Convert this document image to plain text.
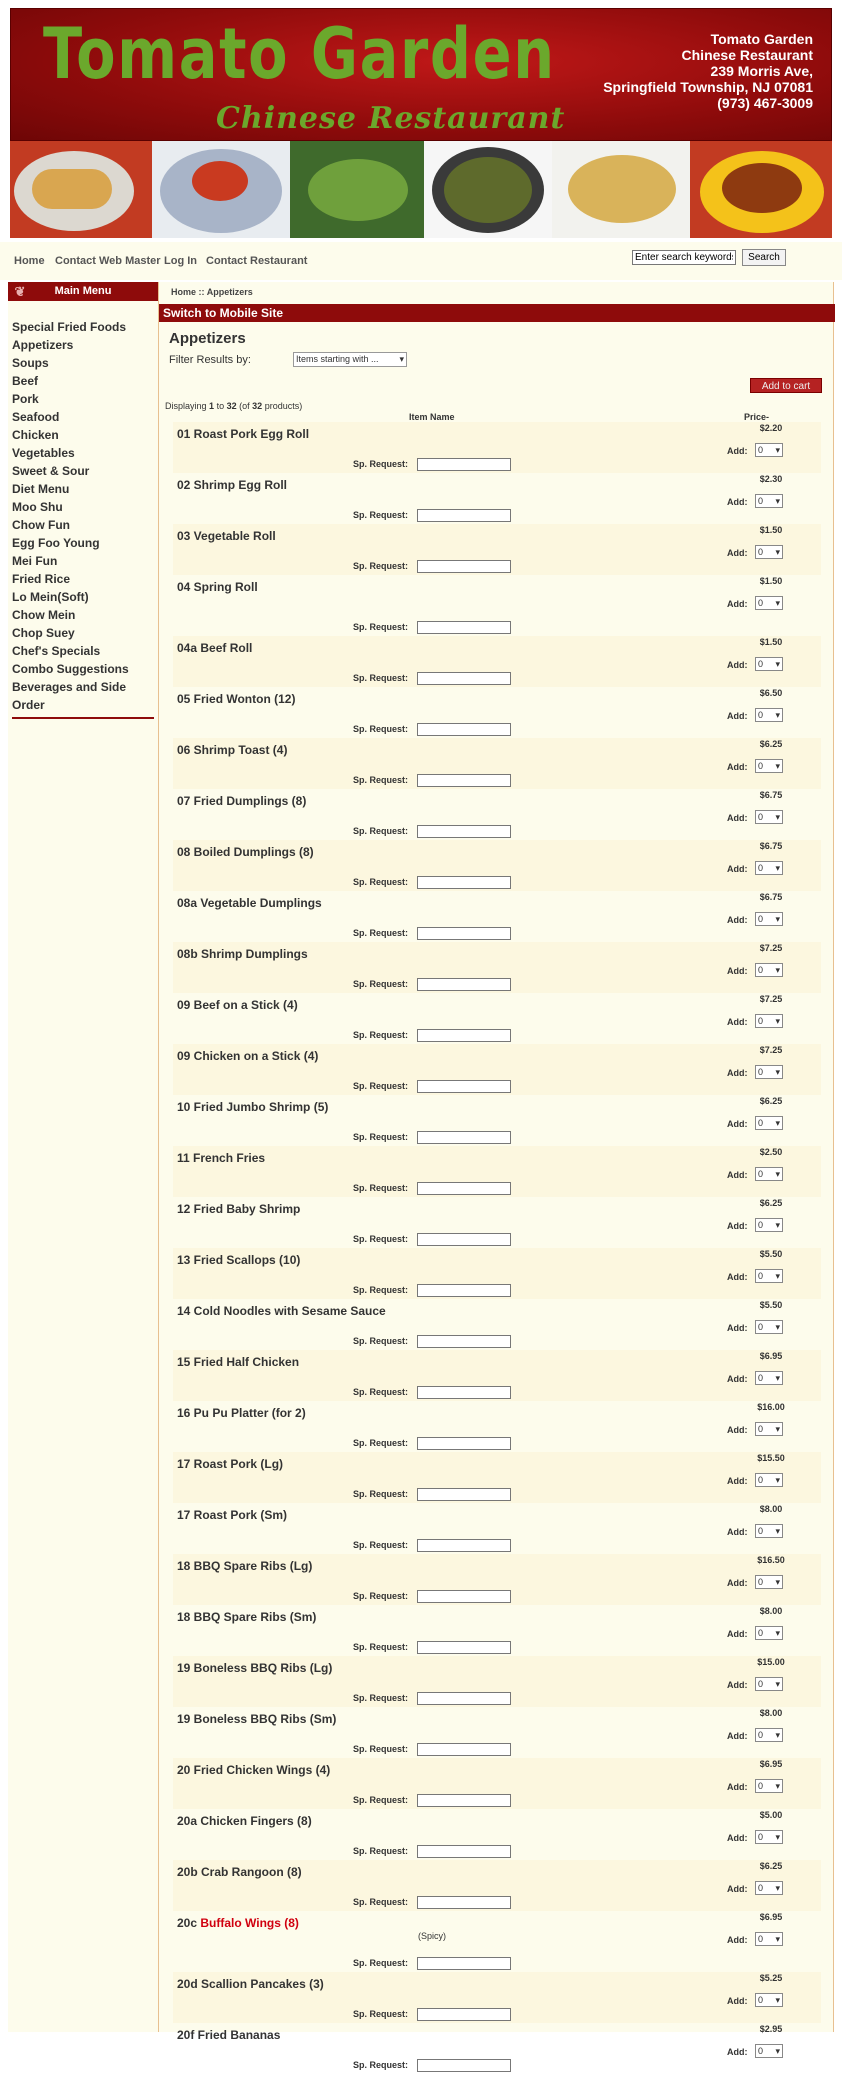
Tomato Garden
Chinese Restaurant
Tomato Garden
Chinese Restaurant
239 Morris Ave,
Springfield Township, NJ 07081
(973) 467-3009
Home Contact Web Master Log In Contact Restaurant
Enter search keywords	Search
❦	Main Menu
Special Fried Foods
Appetizers
Soups
Beef
Pork
Seafood
Chicken
Vegetables
Sweet & Sour
Diet Menu
Moo Shu
Chow Fun
Egg Foo Young
Mei Fun
Fried Rice
Lo Mein(Soft)
Chow Mein
Chop Suey
Chef's Specials
Combo Suggestions
Beverages and Side Order
Home :: Appetizers
Switch to Mobile Site
Appetizers
Filter Results by:	Items starting with ... ▾
Add to cart
Displaying 1 to 32 (of 32 products)
Item Name	Price-
01 Roast Pork Egg Roll	$2.20
Add:	0 ▾
Sp. Request:
02 Shrimp Egg Roll	$2.30
Add:	0 ▾
Sp. Request:
03 Vegetable Roll	$1.50
Add:	0 ▾
Sp. Request:
04 Spring Roll	$1.50
Add:	0 ▾
Sp. Request:
04a Beef Roll	$1.50
Add:	0 ▾
Sp. Request:
05 Fried Wonton (12)	$6.50
Add:	0 ▾
Sp. Request:
06 Shrimp Toast (4)	$6.25
Add:	0 ▾
Sp. Request:
07 Fried Dumplings (8)	$6.75
Add:	0 ▾
Sp. Request:
08 Boiled Dumplings (8)	$6.75
Add:	0 ▾
Sp. Request:
08a Vegetable Dumplings	$6.75
Add:	0 ▾
Sp. Request:
08b Shrimp Dumplings	$7.25
Add:	0 ▾
Sp. Request:
09 Beef on a Stick (4)	$7.25
Add:	0 ▾
Sp. Request:
09 Chicken on a Stick (4)	$7.25
Add:	0 ▾
Sp. Request:
10 Fried Jumbo Shrimp (5)	$6.25
Add:	0 ▾
Sp. Request:
11 French Fries	$2.50
Add:	0 ▾
Sp. Request:
12 Fried Baby Shrimp	$6.25
Add:	0 ▾
Sp. Request:
13 Fried Scallops (10)	$5.50
Add:	0 ▾
Sp. Request:
14 Cold Noodles with Sesame Sauce	$5.50
Add:	0 ▾
Sp. Request:
15 Fried Half Chicken	$6.95
Add:	0 ▾
Sp. Request:
16 Pu Pu Platter (for 2)	$16.00
Add:	0 ▾
Sp. Request:
17 Roast Pork (Lg)	$15.50
Add:	0 ▾
Sp. Request:
17 Roast Pork (Sm)	$8.00
Add:	0 ▾
Sp. Request:
18 BBQ Spare Ribs (Lg)	$16.50
Add:	0 ▾
Sp. Request:
18 BBQ Spare Ribs (Sm)	$8.00
Add:	0 ▾
Sp. Request:
19 Boneless BBQ Ribs (Lg)	$15.00
Add:	0 ▾
Sp. Request:
19 Boneless BBQ Ribs (Sm)	$8.00
Add:	0 ▾
Sp. Request:
20 Fried Chicken Wings (4)	$6.95
Add:	0 ▾
Sp. Request:
20a Chicken Fingers (8)	$5.00
Add:	0 ▾
Sp. Request:
20b Crab Rangoon (8)	$6.25
Add:	0 ▾
Sp. Request:
20c Buffalo Wings (8)
(Spicy)
$6.95
Add:	0 ▾
Sp. Request:
20d Scallion Pancakes (3)	$5.25
Add:	0 ▾
Sp. Request:
20f Fried Bananas	$2.95
Add:	0 ▾
Sp. Request:
